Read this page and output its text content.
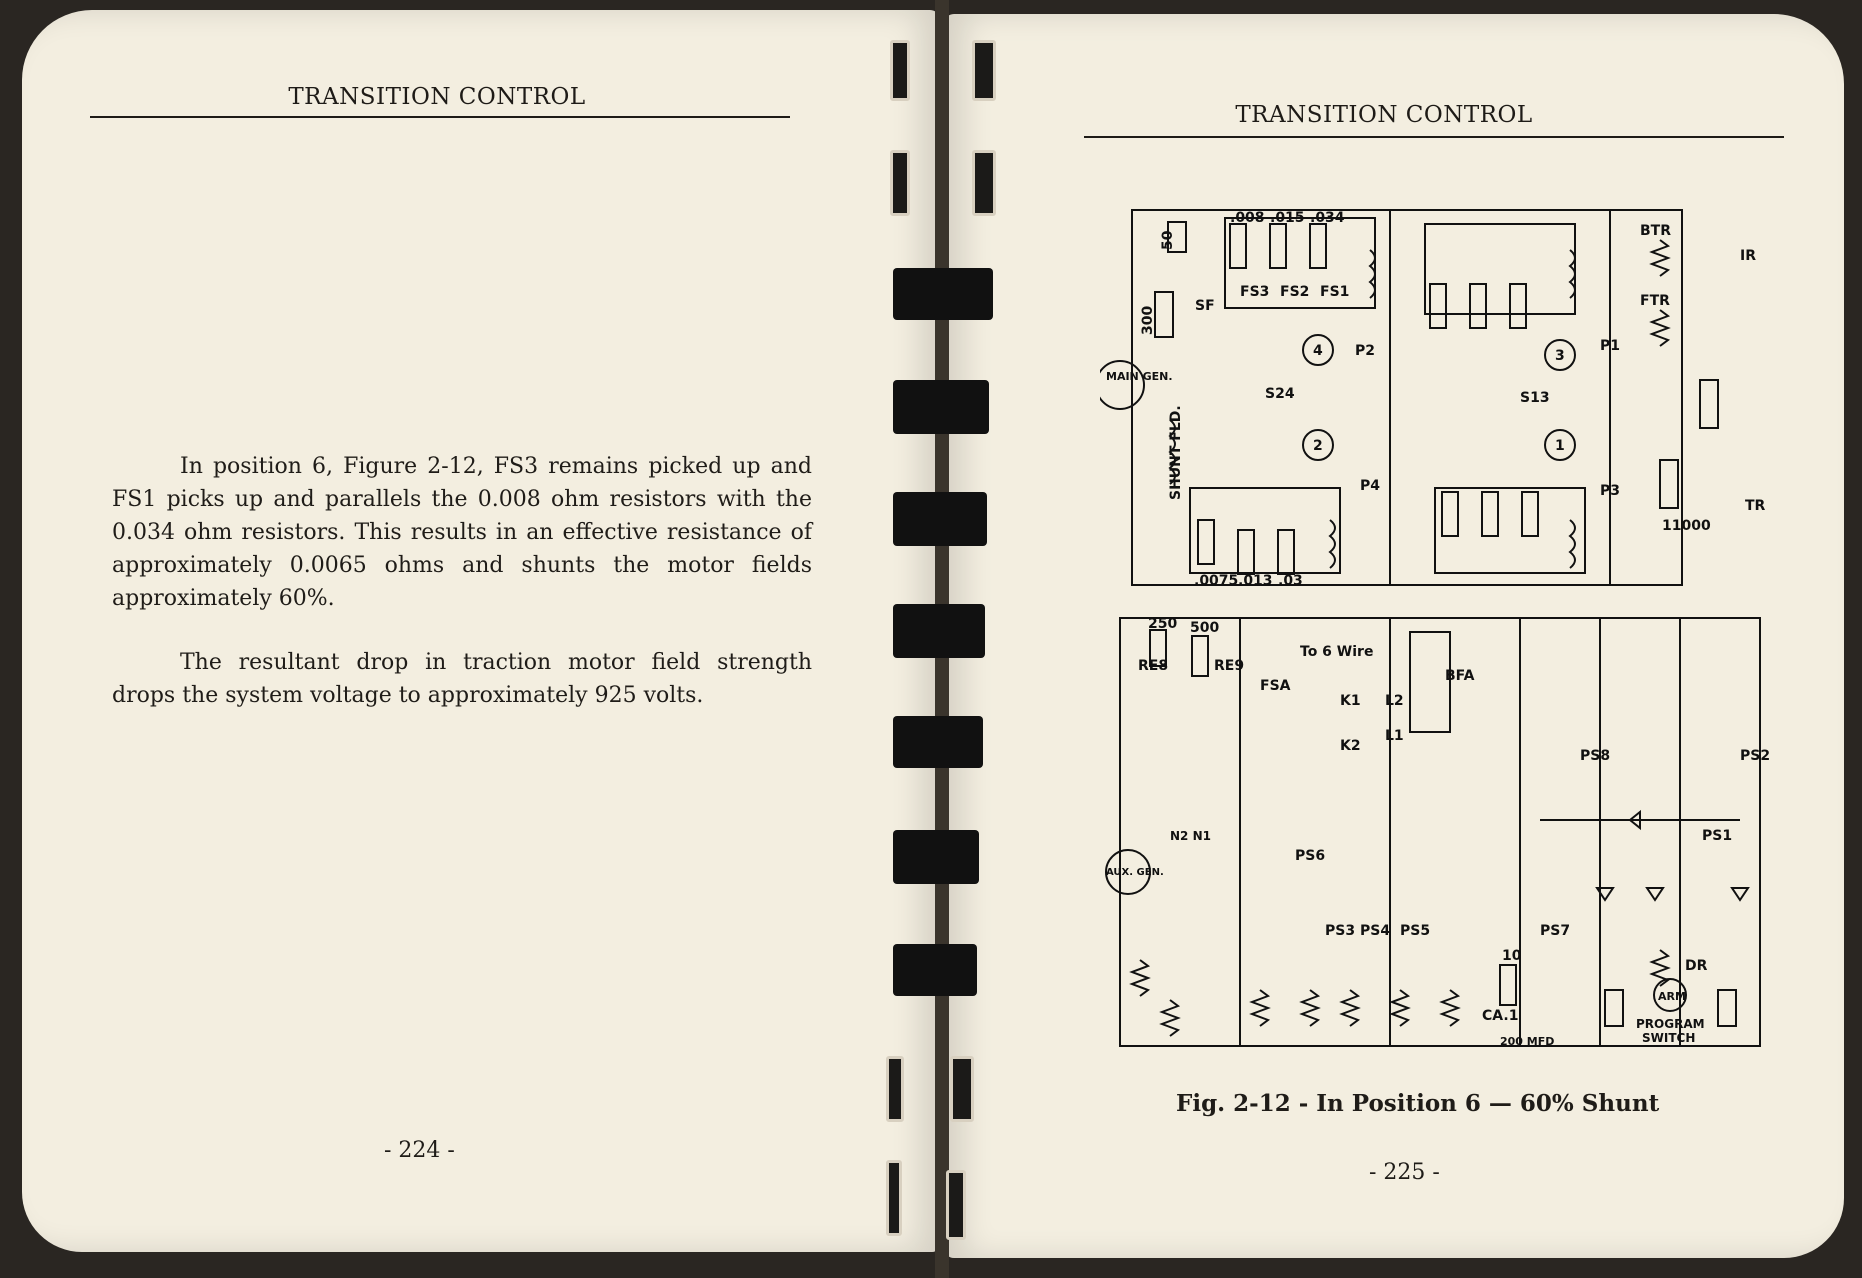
TRANSITION CONTROL
In position 6, Figure 2-12, FS3 remains picked up and FS1 picks up and parallels the 0.008 ohm resistors with the 0.034 ohm resistors. This results in an effective resistance of approximately 0.0065 ohms and shunts the motor fields approximately 60%.
The resultant drop in traction motor field strength drops the system voltage to approximately 925 volts.
- 224 -
TRANSITION CONTROL
- 225 -
Fig. 2-12 - In Position 6 — 60% Shunt
MAIN GEN.
AUX. GEN.
SHUNT FLD.
300
50
SF
.008 .015 .034
FS3 FS2 FS1
4	3
2	1
P2	P1
P4	P3
S24	S13
.0075 .013 .03
BTR
FTR
IR
TR
11000
RE8	RE9
250 500
To 6 Wire
FSA
BFA
PS1
PS2
PS3 PS4 PS5
PS6
PS7
PS8
CA.1
10
200 MFD
DR
ARM
PROGRAM
SWITCH
K1
K2
L1
L2
N2 N1
